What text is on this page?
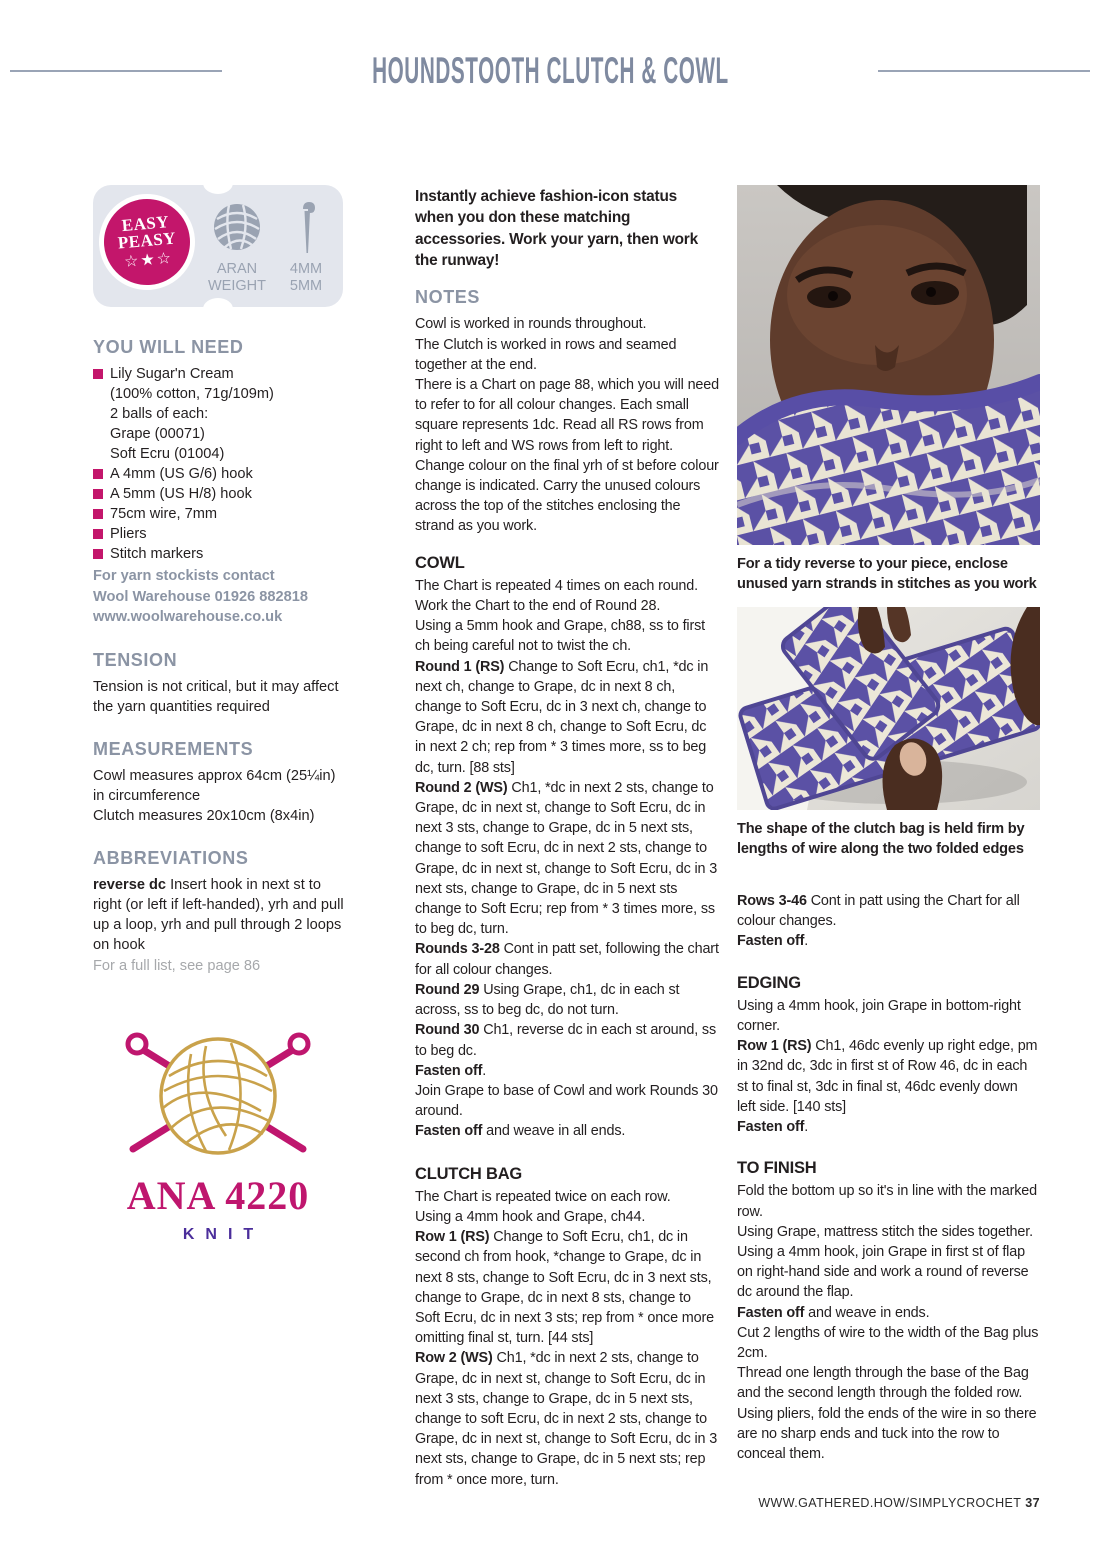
HOUNDSTOOTH CLUTCH & COWL
EASY
PEASY
☆★☆	ARAN
WEIGHT
4MM
5MM
YOU WILL NEED
Lily Sugar'n Cream
(100% cotton, 71g/109m)
2 balls of each:
Grape (00071)
Soft Ecru (01004)
A 4mm (US G/6) hook
A 5mm (US H/8) hook
75cm wire, 7mm
Pliers
Stitch markers
For yarn stockists contact
Wool Warehouse 01926 882818
www.woolwarehouse.co.uk
TENSION

Tension is not critical, but it may affect the yarn quantities required

MEASUREMENTS

Cowl measures approx 64cm (25¼in) in circumference

Clutch measures 20x10cm (8x4in)

ABBREVIATIONS

reverse dc Insert hook in next st to right (or left if left-handed), yrh and pull up a loop, yrh and pull through 2 loops on hook

For a full list, see page 86

ANA 4220
KNIT

Instantly achieve fashion-icon status when you don these matching accessories. Work your yarn, then work the runway!

NOTES

Cowl is worked in rounds throughout.

The Clutch is worked in rows and seamed together at the end.

There is a Chart on page 88, which you will need to refer to for all colour changes. Each small square represents 1dc. Read all RS rows from right to left and WS rows from left to right. Change colour on the final yrh of st before colour change is indicated. Carry the unused colours across the top of the stitches enclosing the strand as you work.

COWL

The Chart is repeated 4 times on each round.

Work the Chart to the end of Round 28.

Using a 5mm hook and Grape, ch88, ss to first ch being careful not to twist the ch.

Round 1 (RS) Change to Soft Ecru, ch1, *dc in next ch, change to Grape, dc in next 8 ch, change to Soft Ecru, dc in 3 next ch, change to Grape, dc in next 8 ch, change to Soft Ecru, dc in next 2 ch; rep from * 3 times more, ss to beg dc, turn. [88 sts]

Round 2 (WS) Ch1, *dc in next 2 sts, change to Grape, dc in next st, change to Soft Ecru, dc in next 3 sts, change to Grape, dc in 5 next sts, change to soft Ecru, dc in next 2 sts, change to Grape, dc in next st, change to Soft Ecru, dc in 3 next sts, change to Grape, dc in 5 next sts change to Soft Ecru; rep from * 3 times more, ss to beg dc, turn.

Rounds 3-28 Cont in patt set, following the chart for all colour changes.

Round 29 Using Grape, ch1, dc in each st across, ss to beg dc, do not turn.

Round 30 Ch1, reverse dc in each st around, ss to beg dc.

Fasten off.

Join Grape to base of Cowl and work Rounds 30 around.

Fasten off and weave in all ends.

CLUTCH BAG

The Chart is repeated twice on each row.

Using a 4mm hook and Grape, ch44.

Row 1 (RS) Change to Soft Ecru, ch1, dc in second ch from hook, *change to Grape, dc in next 8 sts, change to Soft Ecru, dc in 3 next sts, change to Grape, dc in next 8 sts, change to Soft Ecru, dc in next 3 sts; rep from * once more omitting final st, turn. [44 sts]

Row 2 (WS) Ch1, *dc in next 2 sts, change to Grape, dc in next st, change to Soft Ecru, dc in next 3 sts, change to Grape, dc in 5 next sts, change to soft Ecru, dc in next 2 sts, change to Grape, dc in next st, change to Soft Ecru, dc in 3 next sts, change to Grape, dc in 5 next sts; rep from * once more, turn.

For a tidy reverse to your piece, enclose unused yarn strands in stitches as you work

The shape of the clutch bag is held firm by lengths of wire along the two folded edges

Rows 3-46 Cont in patt using the Chart for all colour changes.

Fasten off.

EDGING

Using a 4mm hook, join Grape in bottom-right corner.

Row 1 (RS) Ch1, 46dc evenly up right edge, pm in 32nd dc, 3dc in first st of Row 46, dc in each st to final st, 3dc in final st, 46dc evenly down left side. [140 sts]

Fasten off.

TO FINISH

Fold the bottom up so it's in line with the marked row.

Using Grape, mattress stitch the sides together.

Using a 4mm hook, join Grape in first st of flap on right-hand side and work a round of reverse dc around the flap.

Fasten off and weave in ends.

Cut 2 lengths of wire to the width of the Bag plus 2cm.

Thread one length through the base of the Bag and the second length through the folded row.

Using pliers, fold the ends of the wire in so there are no sharp ends and tuck into the row to conceal them.

WWW.GATHERED.HOW/SIMPLYCROCHET 37
